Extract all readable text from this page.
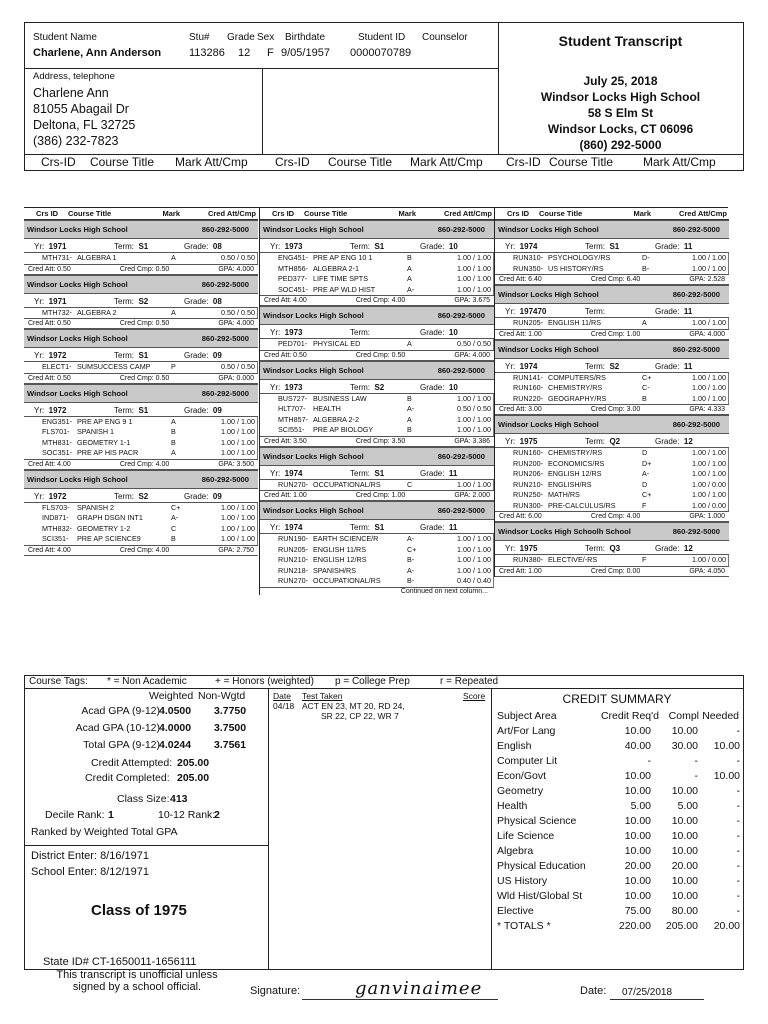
Student Name	Stu# Grade Sex Birthdate	Student ID Counselor
Charlene, Ann Anderson	113286 12 F 9/05/1957 0000070789
Address, telephone
Charlene Ann
81055 Abagail Dr
Deltona, FL 32725
(386) 232-7823
Student Transcript
July 25, 2018
Windsor Locks High School
58 S Elm St
Windsor Locks, CT 06096
(860) 292-5000
Crs-ID Course Title Mark Att/Cmp Crs-ID Course Title Mark Att/Cmp Crs-ID Course Title Mark Att/Cmp
Crs ID	Course Title	Mark	Cred Att/Cmp
Windsor Locks High School	860-292-5000
Yr:  1971	Term:  S1	Grade:  08
MTH731- ALGEBRA 1	A	0.50 / 0.50
Cred Att: 0.50	Cred Cmp: 0.50	GPA: 4.000
Windsor Locks High School	860-292-5000
Yr:  1971	Term:  S2	Grade:  08
MTH732- ALGEBRA 2	A	0.50 / 0.50
Cred Att: 0.50	Cred Cmp: 0.50	GPA: 4.000
Windsor Locks High School	860-292-5000
Yr:  1972	Term:  S1	Grade:  09
ELECT1- SUMSUCCESS CAMP	P	0.50 / 0.50
Cred Att: 0.50	Cred Cmp: 0.50	GPA: 0.000
Windsor Locks High School	860-292-5000
Yr:  1972	Term:  S1	Grade:  09
ENG351- PRE AP ENG 9 1	A	1.00 / 1.00
FLS701-	SPANISH 1	B	1.00 / 1.00
MTH831- GEOMETRY 1-1	B	1.00 / 1.00
SOC351- PRE AP HIS PACR	A	1.00 / 1.00
Cred Att: 4.00	Cred Cmp: 4.00	GPA: 3.500
Windsor Locks High School	860-292-5000
Yr:  1972	Term:  S2	Grade:  09
FLS703-	SPANISH 2	C+	1.00 / 1.00
IND871-	GRAPH DSGN INT1	A-	1.00 / 1.00
MTH832- GEOMETRY 1-2	C	1.00 / 1.00
SCI351-	PRE AP SCIENCE9	B	1.00 / 1.00
Cred Att: 4.00	Cred Cmp: 4.00	GPA: 2.750
Crs ID	Course Title	Mark	Cred Att/Cmp
Windsor Locks High School	860-292-5000
Yr:  1973	Term:  S1	Grade:  10
ENG451- PRE AP ENG 10 1	B	1.00 / 1.00
MTH856- ALGEBRA 2-1	A	1.00 / 1.00
PED377- LIFE TIME SPTS	A	1.00 / 1.00
SOC451- PRE AP WLD HIST	A-	1.00 / 1.00
Cred Att: 4.00	Cred Cmp: 4.00	GPA: 3.675
Windsor Locks High School	860-292-5000
Yr:  1973	Term:	Grade:  10
PED701- PHYSICAL ED	A	0.50 / 0.50
Cred Att: 0.50	Cred Cmp: 0.50	GPA: 4.000
Windsor Locks High School	860-292-5000
Yr:  1973	Term:  S2	Grade:  10
BUS727- BUSINESS LAW	B	1.00 / 1.00
HLT707-	HEALTH	A-	0.50 / 0.50
MTH857- ALGEBRA 2-2	A	1.00 / 1.00
SCI551-	PRE AP BIOLOGY	B	1.00 / 1.00
Cred Att: 3.50	Cred Cmp: 3.50	GPA: 3.386
Windsor Locks High School	860-292-5000
Yr:  1974	Term:  S1	Grade:  11
RUN270- OCCUPATIONAL/RS	C	1.00 / 1.00
Cred Att: 1.00	Cred Cmp: 1.00	GPA: 2.000
Windsor Locks High School	860-292-5000
Yr:  1974	Term:  S1	Grade:  11
RUN190- EARTH SCIENCE/R	A-	1.00 / 1.00
RUN205- ENGLISH 11/RS	C+	1.00 / 1.00
RUN210- ENGLISH 12/RS	B-	1.00 / 1.00
RUN218- SPANISH/RS	A-	1.00 / 1.00
RUN270- OCCUPATIONAL/RS	B-	0.40 / 0.40
Continued on next column...
Crs ID	Course Title	Mark	Cred Att/Cmp
Windsor Locks High School	860-292-5000
Yr:  1974	Term:  S1	Grade:  11
RUN310- PSYCHOLOGY/RS	D-	1.00 / 1.00
RUN350- US HISTORY/RS	B-	1.00 / 1.00
Cred Att: 6.40	Cred Cmp: 6.40	GPA: 2.528
Windsor Locks High School	860-292-5000
Yr:  197470	Term:	Grade:  11
RUN205- ENGLISH 11/RS	A	1.00 / 1.00
Cred Att: 1.00	Cred Cmp: 1.00	GPA: 4.000
Windsor Locks High School	860-292-5000
Yr:  1974	Term:  S2	Grade:  11
RUN141- COMPUTERS/RS	C+	1.00 / 1.00
RUN160- CHEMISTRY/RS	C-	1.00 / 1.00
RUN220- GEOGRAPHY/RS	B	1.00 / 1.00
Cred Att: 3.00	Cred Cmp: 3.00	GPA: 4.333
Windsor Locks High School	860-292-5000
Yr:  1975	Term:  Q2	Grade:  12
RUN160- CHEMISTRY/RS	D	1.00 / 1.00
RUN200- ECONOMICS/RS	D+	1.00 / 1.00
RUN206- ENGLISH 12/RS	A-	1.00 / 1.00
RUN210- ENGLISH/RS	D	1.00 / 0.00
RUN250- MATH/RS	C+	1.00 / 1.00
RUN300- PRE-CALCULUS/RS	F	1.00 / 0.00
Cred Att: 6.00	Cred Cmp: 4.00	GPA: 1.000
Windsor Locks High Schoolh School	860-292-5000
Yr:  1975	Term:  Q3	Grade:  12
RUN380- ELECTIVE/-RS	F	1.00 / 0.00
Cred Att: 1.00	Cred Cmp: 0.00	GPA: 4.050
Course Tags: * = Non Academic	+ = Honors (weighted) p = College Prep	r = Repeated
Weighted Non-Wgtd
Acad GPA (9-12) 4.0500 3.7750
Acad GPA (10-12) 4.0000 3.7500
Total GPA (9-12) 4.0244 3.7561
Credit Attempted: 205.00
Credit Completed: 205.00
Class Size: 413
Decile Rank: 1	10-12 Rank:
2
Ranked by Weighted Total GPA
District Enter: 8/16/1971
School Enter: 8/12/1971
Class of 1975
State ID# CT-1650011-1656111
Date Test Taken	Score
04/18 ACT EN 23, MT 20, RD 24,
SR 22, CP 22, WR 7
CREDIT SUMMARY
Subject Area	Credit Req'd Compl Needed
Art/For Lang	10.00	10.00	-
English	40.00	30.00	10.00
Computer Lit	-	-	-
Econ/Govt	10.00	-	10.00
Geometry	10.00	10.00	-
Health	5.00	5.00	-
Physical Science	10.00	10.00	-
Life Science	10.00	10.00	-
Algebra	10.00	10.00	-
Physical Education	20.00	20.00	-
US History	10.00	10.00	-
Wld Hist/Global St	10.00	10.00	-
Elective	75.00	80.00	-
* TOTALS *	220.00	205.00	20.00
This transcript is unofficial unless
signed by a school official.	Signature:	ganvinaimee	Date: 07/25/2018
